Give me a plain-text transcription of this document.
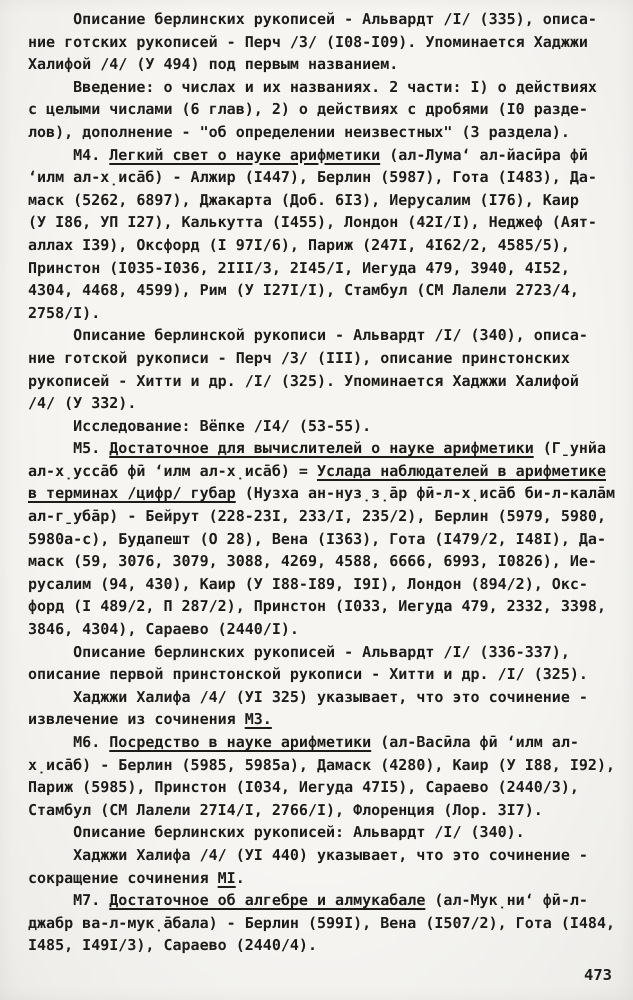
Описание берлинских рукописей - Альвардт /I/ (335), описа-
ние готских рукописей - Перч /3/ (I08-I09). Упоминается Хаджжи
Халифой /4/ (У 494) под первым названием.
Введение: о числах и их названиях. 2 части: I) о действиях
с целыми числами (6 глав), 2) о действиях с дробями (I0 разде-
лов), дополнение - "об определении неизвестных" (3 раздела).
М4. Легкий свет о науке арифметики (ал-Лума‘ ал-йасӣра фӣ
‘илм ал-х̣иса̄б) - Алжир (I447), Берлин (5987), Гота (I483), Да-
маск (5262, 6897), Джакарта (Доб. 6I3), Иерусалим (I76), Каир
(У I86, УП I27), Калькутта (I455), Лондон (42I/I), Неджеф (Аят-
аллах I39), Оксфорд (I 97I/6), Париж (247I, 4I62/2, 4585/5),
Принстон (I035-I036, 2III/3, 2I45/I, Иегуда 479, 3940, 4I52,
4304, 4468, 4599), Рим (У I27I/I), Стамбул (СМ Лалели 2723/4,
2758/I).
Описание берлинской рукописи - Альвардт /I/ (340), описа-
ние готской рукописи - Перч /3/ (III), описание принстонских
рукописей - Хитти и др. /I/ (325). Упоминается Хаджжи Халифой
/4/ (У 332).
Исследование: Вёпке /I4/ (53-55).
М5. Достаточное для вычислителей о науке арифметики (Г̱унйа
ал-х̣усса̄б фӣ ‘илм ал-х̣иса̄б) = Услада наблюдателей в арифметике
в терминах /цифр/ губар (Нузха ан-нуз̣з̣а̄р фӣ-л-х̣иса̄б би-л-кала̄м
ал-г̱уба̄р) - Бейрут (228-23I, 233/I, 235/2), Берлин (5979, 5980,
5980а-с), Будапешт (О 28), Вена (I363), Гота (I479/2, I48I), Да-
маск (59, 3076, 3079, 3088, 4269, 4588, 6666, 6993, I0826), Ие-
русалим (94, 430), Каир (У I88-I89, I9I), Лондон (894/2), Окс-
форд (I 489/2, П 287/2), Принстон (I033, Иегуда 479, 2332, 3398,
3846, 4304), Сараево (2440/I).
Описание берлинских рукописей - Альвардт /I/ (336-337),
описание первой принстонской рукописи - Хитти и др. /I/ (325).
Хаджжи Халифа /4/ (УI 325) указывает, что это сочинение -
извлечение из сочинения М3.
М6. Посредство в науке арифметики (ал-Васӣла фӣ ‘илм ал-
х̣иса̄б) - Берлин (5985, 5985а), Дамаск (4280), Каир (У I88, I92),
Париж (5985), Принстон (I034, Иегуда 47I5), Сараево (2440/3),
Стамбул (СМ Лалели 27I4/I, 2766/I), Флоренция (Лор. 3I7).
Описание берлинских рукописей: Альвардт /I/ (340).
Хаджжи Халифа /4/ (УI 440) указывает, что это сочинение -
сокращение сочинения МI.
М7. Достаточное об алгебре и алмукабале (ал-Мук̣ни‘ фӣ-л-
джабр ва-л-мук̣а̄бала) - Берлин (599I), Вена (I507/2), Гота (I484,
I485, I49I/3), Сараево (2440/4).
473
